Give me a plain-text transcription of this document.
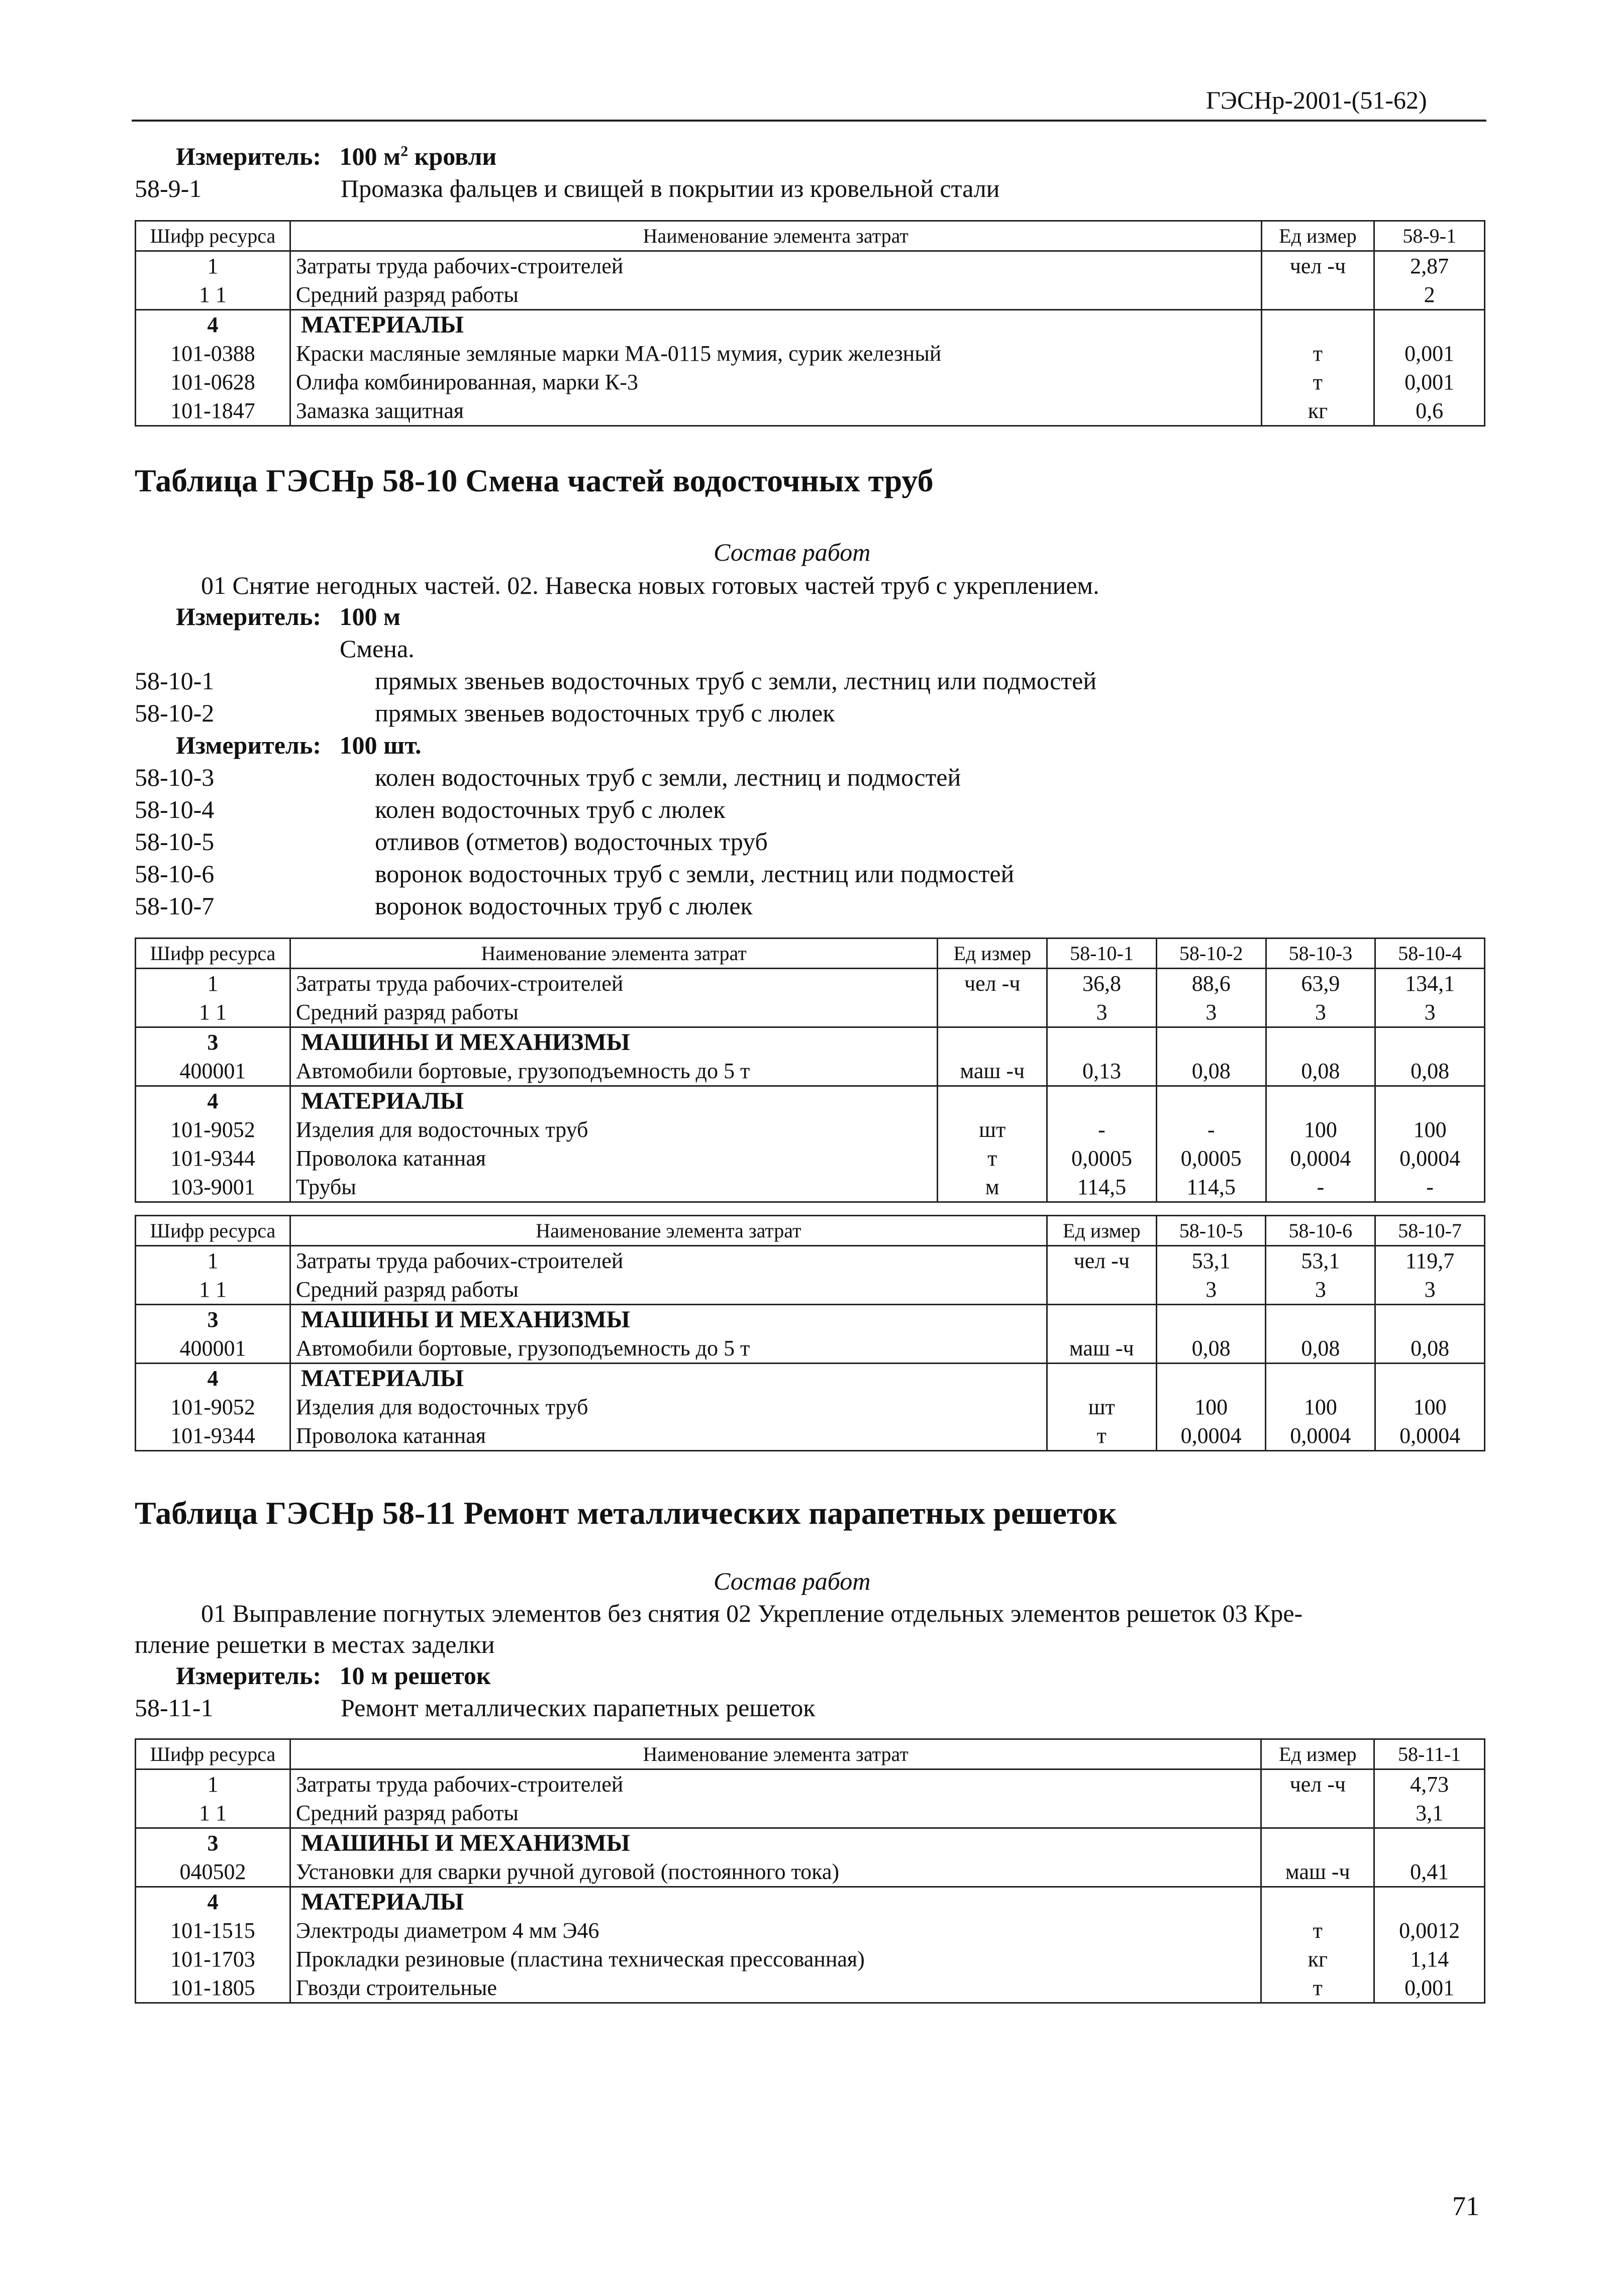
ГЭСНр-2001-(51-62)
Измеритель: 100 $м^2$ кровли
58-9-1	Промазка фальцев и свищей в покрытии из кровельной стали
Шифр ресурса	Наименование элемента затрат	Ед измер	58-9-1
1	Затраты труда рабочих-строителей	чел -ч	2,87
1 1	Средний разряд работы		2
4	МАТЕРИАЛЫ		
101-0388	Краски масляные земляные марки МА-0115 мумия, сурик железный	т	0,001
101-0628	Олифа комбинированная, марки К-3	т	0,001
101-1847	Замазка защитная	кг	0,6
Таблица ГЭСНр 58-10 Смена частей водосточных труб
Состав работ
01 Снятие негодных частей. 02. Навеска новых готовых частей труб с укреплением.
Измеритель: 100 м
Смена.
58-10-1	прямых звеньев водосточных труб с земли, лестниц или подмостей
58-10-2	прямых звеньев водосточных труб с люлек
Измеритель: 100 шт.
58-10-3	колен водосточных труб с земли, лестниц и подмостей
58-10-4	колен водосточных труб с люлек
58-10-5	отливов (отметов) водосточных труб
58-10-6	воронок водосточных труб с земли, лестниц или подмостей
58-10-7	воронок водосточных труб с люлек
Шифр ресурса	Наименование элемента затрат	Ед измер	58-10-1	58-10-2	58-10-3	58-10-4
1	Затраты труда рабочих-строителей	чел -ч	36,8	88,6	63,9	134,1
1 1	Средний разряд работы		3	3	3	3
3	МАШИНЫ И МЕХАНИЗМЫ					
400001	Автомобили бортовые, грузоподъемность до 5 т	маш -ч	0,13	0,08	0,08	0,08
4	МАТЕРИАЛЫ					
101-9052	Изделия для водосточных труб	шт	-	-	100	100
101-9344	Проволока катанная	т	0,0005	0,0005	0,0004	0,0004
103-9001	Трубы	м	114,5	114,5	-	-
Шифр ресурса	Наименование элемента затрат	Ед измер	58-10-5	58-10-6	58-10-7
1	Затраты труда рабочих-строителей	чел -ч	53,1	53,1	119,7
1 1	Средний разряд работы		3	3	3
3	МАШИНЫ И МЕХАНИЗМЫ				
400001	Автомобили бортовые, грузоподъемность до 5 т	маш -ч	0,08	0,08	0,08
4	МАТЕРИАЛЫ				
101-9052	Изделия для водосточных труб	шт	100	100	100
101-9344	Проволока катанная	т	0,0004	0,0004	0,0004
Таблица ГЭСНр 58-11 Ремонт металлических парапетных решеток
Состав работ
01 Выправление погнутых элементов без снятия 02 Укрепление отдельных элементов решеток 03 Кре-
пление решетки в местах заделки
Измеритель: 10 м решеток
58-11-1	Ремонт металлических парапетных решеток
Шифр ресурса	Наименование элемента затрат	Ед измер	58-11-1
1	Затраты труда рабочих-строителей	чел -ч	4,73
1 1	Средний разряд работы		3,1
3	МАШИНЫ И МЕХАНИЗМЫ		
040502	Установки для сварки ручной дуговой (постоянного тока)	маш -ч	0,41
4	МАТЕРИАЛЫ		
101-1515	Электроды диаметром 4 мм Э46	т	0,0012
101-1703	Прокладки резиновые (пластина техническая прессованная)	кг	1,14
101-1805	Гвозди строительные	т	0,001
71
